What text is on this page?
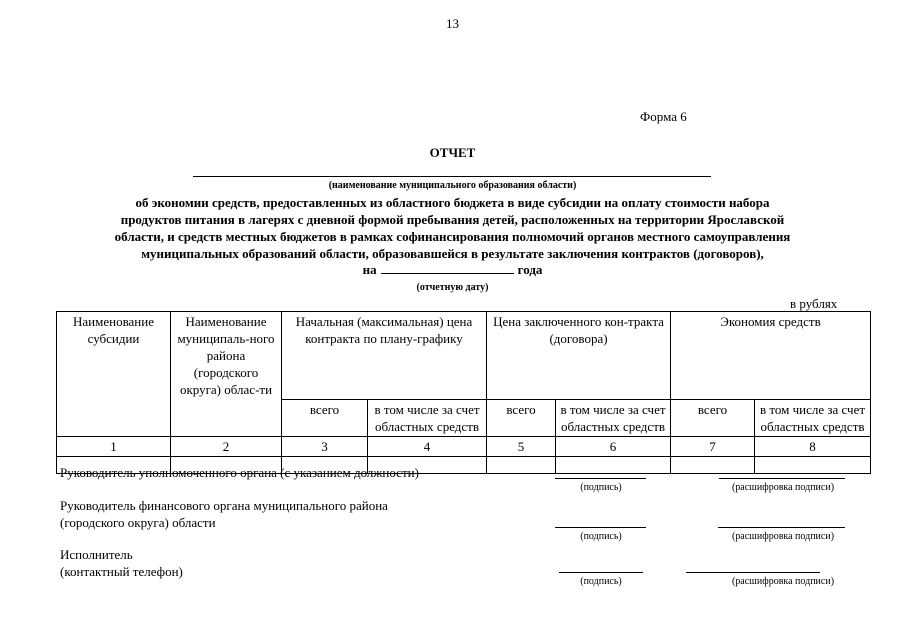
13
Форма 6
ОТЧЕТ
(наименование муниципального образования области)
об экономии средств, предоставленных из областного бюджета в виде субсидии на оплату стоимости набора
продуктов питания в лагерях с дневной формой пребывания детей, расположенных на территории Ярославской
области, и средств местных бюджетов в рамках софинансирования полномочий органов местного самоуправления
муниципальных образований области, образовавшейся в результате заключения контрактов (договоров),
на	года
(отчетную дату)
в рублях
Наименование субсидии	Наименование муниципаль-ного района (городского округа) облас-ти	Начальная (максимальная) цена контракта по плану-графику		Цена заключенного кон-тракта (договора)		Экономия средств	
		всего	в том числе за счет областных средств	всего	в том числе за счет областных средств	всего	в том числе за счет областных средств
1	2	3	4	5	6	7	8

Руководитель уполномоченного органа (с указанием должности)
(подпись)	(расшифровка подписи)
Руководитель финансового органа муниципального района
(городского округа) области
(подпись)	(расшифровка подписи)
Исполнитель
(контактный телефон)
(подпись)	(расшифровка подписи)
